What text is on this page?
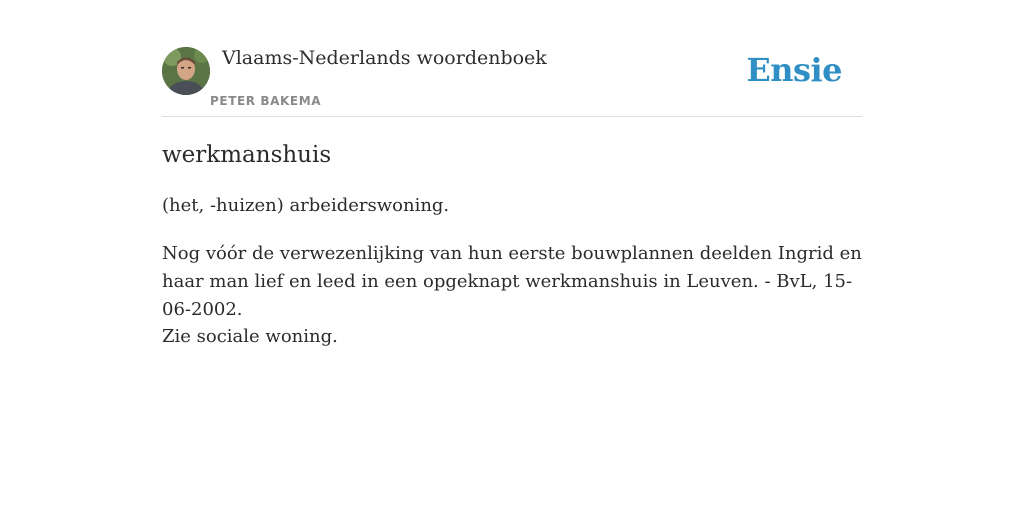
Vlaams-Nederlands woordenboek
PETER BAKEMA
Ensie
werkmanshuis

(het, -huizen) arbeiderswoning.

Nog vóór de verwezenlijking van hun eerste bouwplannen deelden Ingrid en haar man lief en leed in een opgeknapt werkmanshuis in Leuven. - BvL, 15-06-2002.

Zie sociale woning.
